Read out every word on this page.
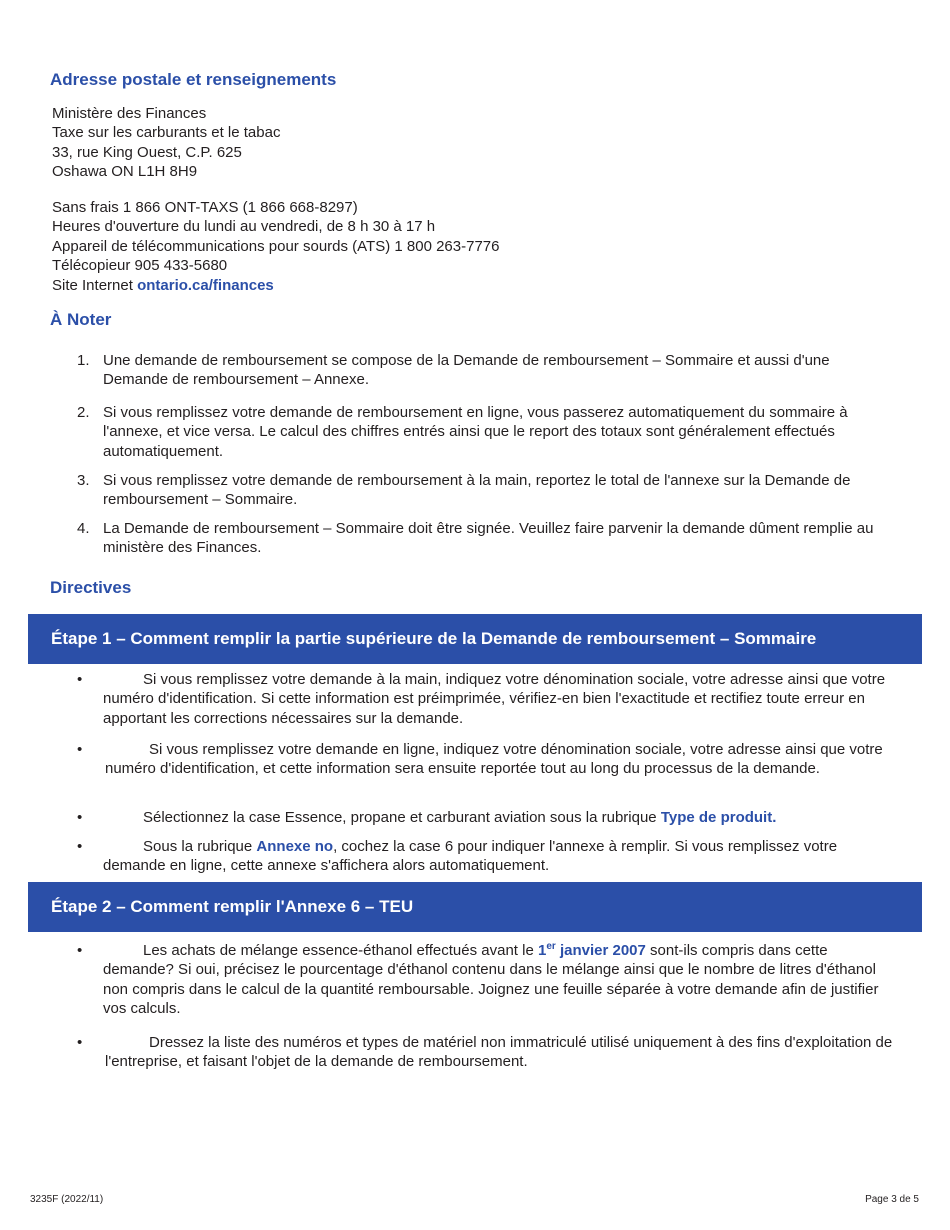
Adresse postale et renseignements
Ministère des Finances
Taxe sur les carburants et le tabac
33, rue King Ouest, C.P. 625
Oshawa ON L1H 8H9
Sans frais 1 866 ONT-TAXS (1 866 668-8297)
Heures d'ouverture du lundi au vendredi, de 8 h 30 à 17 h
Appareil de télécommunications pour sourds (ATS) 1 800 263-7776
Télécopieur 905 433-5680
Site Internet ontario.ca/finances
À Noter
1. Une demande de remboursement se compose de la Demande de remboursement – Sommaire et aussi d'une Demande de remboursement – Annexe.
2. Si vous remplissez votre demande de remboursement en ligne, vous passerez automatiquement du sommaire à l'annexe, et vice versa. Le calcul des chiffres entrés ainsi que le report des totaux sont généralement effectués automatiquement.
3. Si vous remplissez votre demande de remboursement à la main, reportez le total de l'annexe sur la Demande de remboursement – Sommaire.
4. La Demande de remboursement – Sommaire doit être signée. Veuillez faire parvenir la demande dûment remplie au ministère des Finances.
Directives
Étape 1 – Comment remplir la partie supérieure de la Demande de remboursement – Sommaire
•	Si vous remplissez votre demande à la main, indiquez votre dénomination sociale, votre adresse ainsi que votre numéro d'identification. Si cette information est préimprimée, vérifiez-en bien l'exactitude et rectifiez toute erreur en apportant les corrections nécessaires sur la demande.
•	Si vous remplissez votre demande en ligne, indiquez votre dénomination sociale, votre adresse ainsi que votre numéro d'identification, et cette information sera ensuite reportée tout au long du processus de la demande.
•	Sélectionnez la case Essence, propane et carburant aviation sous la rubrique Type de produit.
•	Sous la rubrique Annexe no, cochez la case 6 pour indiquer l'annexe à remplir. Si vous remplissez votre demande en ligne, cette annexe s'affichera alors automatiquement.
Étape 2 – Comment remplir l'Annexe 6 – TEU
•	Les achats de mélange essence-éthanol effectués avant le 1er janvier 2007 sont-ils compris dans cette demande? Si oui, précisez le pourcentage d'éthanol contenu dans le mélange ainsi que le nombre de litres d'éthanol non compris dans le calcul de la quantité remboursable. Joignez une feuille séparée à votre demande afin de justifier vos calculs.
•	Dressez la liste des numéros et types de matériel non immatriculé utilisé uniquement à des fins d'exploitation de l'entreprise, et faisant l'objet de la demande de remboursement.
3235F (2022/11)	Page 3 de 5
